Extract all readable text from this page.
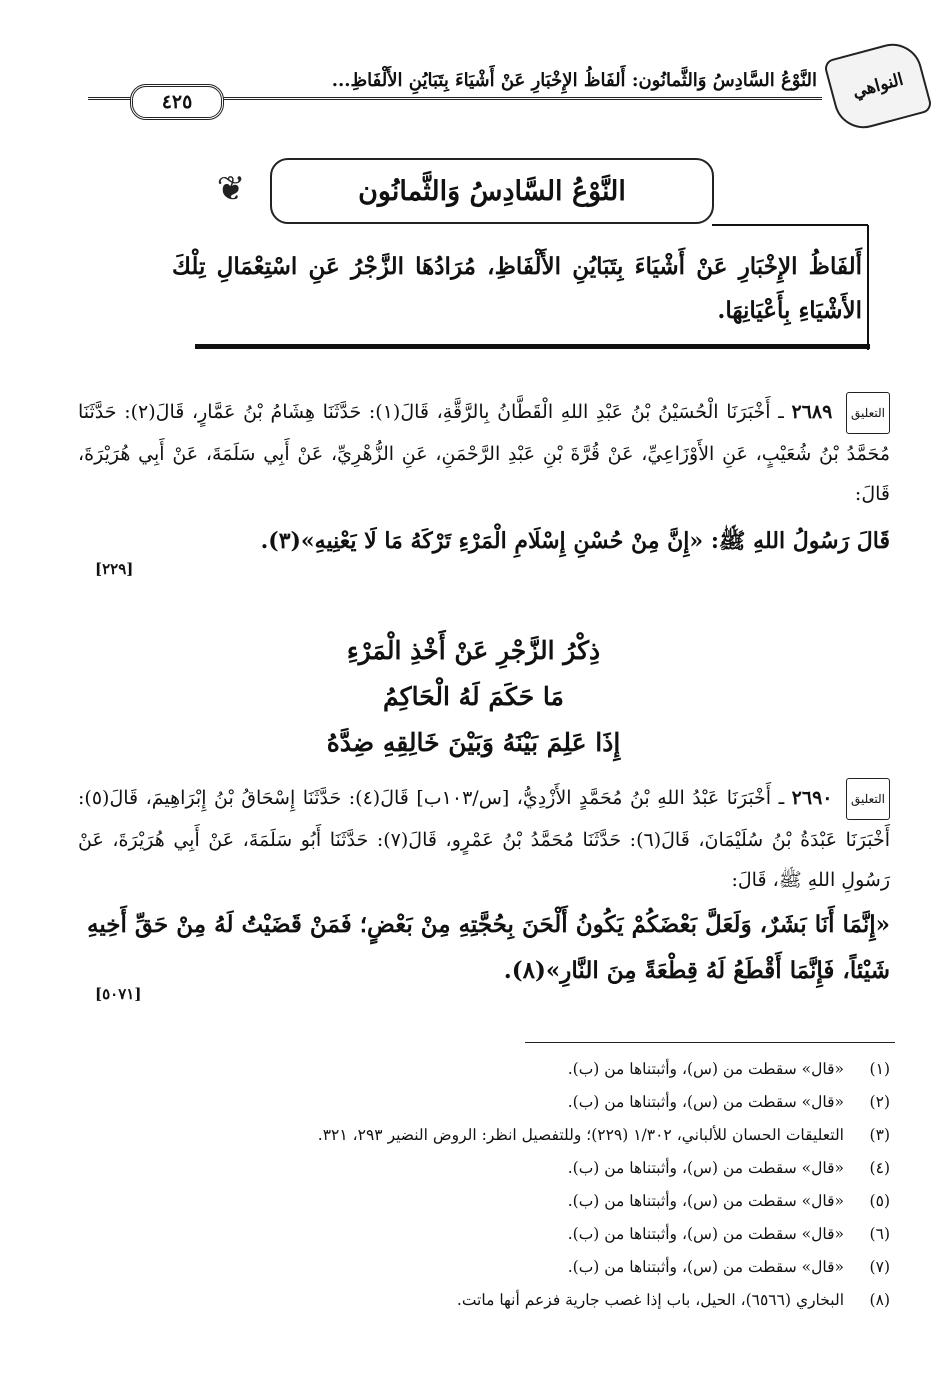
النواهي
النَّوْعُ السَّادِسُ وَالثَّمانُون: أَلفَاظُ الإِخْبَارِ عَنْ أَشْيَاءَ بِتَبَايُنِ الأَلْفَاظِ...
٤٢٥
❦	النَّوْعُ السَّادِسُ وَالثَّمانُون

أَلفَاظُ الإِخْبَارِ عَنْ أَشْيَاءَ بِتَبَايُنِ الأَلْفَاظِ، مُرَادُهَا الزَّجْرُ عَنِ اسْتِعْمَالِ تِلْكَ الأَشْيَاءِ بِأَعْيَانِهَا.

التعليق ٢٦٨٩ ـ أَخْبَرَنَا الْحُسَيْنُ بْنُ عَبْدِ اللهِ الْقَطَّانُ بِالرَّقَّةِ، قَالَ(١): حَدَّثَنَا هِشَامُ بْنُ عَمَّارٍ، قَالَ(٢): حَدَّثَنَا مُحَمَّدُ بْنُ شُعَيْبٍ، عَنِ الأَوْزَاعِيِّ، عَنْ قُرَّةَ بْنِ عَبْدِ الرَّحْمَنِ، عَنِ الزُّهْرِيِّ، عَنْ أَبِي سَلَمَةَ، عَنْ أَبِي هُرَيْرَةَ، قَالَ:

قَالَ رَسُولُ اللهِ ﷺ: «إِنَّ مِنْ حُسْنِ إِسْلَامِ الْمَرْءِ تَرْكَهُ مَا لَا يَعْنِيهِ»(٣).

[٢٢٩]
ذِكْرُ الزَّجْرِ عَنْ أَخْذِ الْمَرْءِ
مَا حَكَمَ لَهُ الْحَاكِمُ
إِذَا عَلِمَ بَيْنَهُ وَبَيْنَ خَالِقِهِ ضِدَّهُ

التعليق ٢٦٩٠ ـ أَخْبَرَنَا عَبْدُ اللهِ بْنُ مُحَمَّدٍ الأَزْدِيُّ، [س/١٠٣ب] قَالَ(٤): حَدَّثَنَا إِسْحَاقُ بْنُ إِبْرَاهِيمَ، قَالَ(٥): أَخْبَرَنَا عَبْدَةُ بْنُ سُلَيْمَانَ، قَالَ(٦): حَدَّثَنَا مُحَمَّدُ بْنُ عَمْرٍو، قَالَ(٧): حَدَّثَنَا أَبُو سَلَمَةَ، عَنْ أَبِي هُرَيْرَةَ، عَنْ رَسُولِ اللهِ ﷺ، قَالَ:

«إِنَّمَا أَنَا بَشَرٌ، وَلَعَلَّ بَعْضَكُمْ يَكُونُ أَلْحَنَ بِحُجَّتِهِ مِنْ بَعْضٍ؛ فَمَنْ قَضَيْتُ لَهُ مِنْ حَقِّ أَخِيهِ شَيْئاً، فَإِنَّمَا أَقْطَعُ لَهُ قِطْعَةً مِنَ النَّارِ»(٨).

[٥٠٧١]
(١)
«قال» سقطت من (س)، وأثبتناها من (ب).
(٢)
«قال» سقطت من (س)، وأثبتناها من (ب).
(٣)
التعليقات الحسان للألباني، ١/٣٠٢ (٢٢٩)؛ وللتفصيل انظر: الروض النضير ٢٩٣، ٣٢١.
(٤)
«قال» سقطت من (س)، وأثبتناها من (ب).
(٥)
«قال» سقطت من (س)، وأثبتناها من (ب).
(٦)
«قال» سقطت من (س)، وأثبتناها من (ب).
(٧)
«قال» سقطت من (س)، وأثبتناها من (ب).
(٨)
البخاري (٦٥٦٦)، الحيل، باب إذا غصب جارية فزعم أنها ماتت.
